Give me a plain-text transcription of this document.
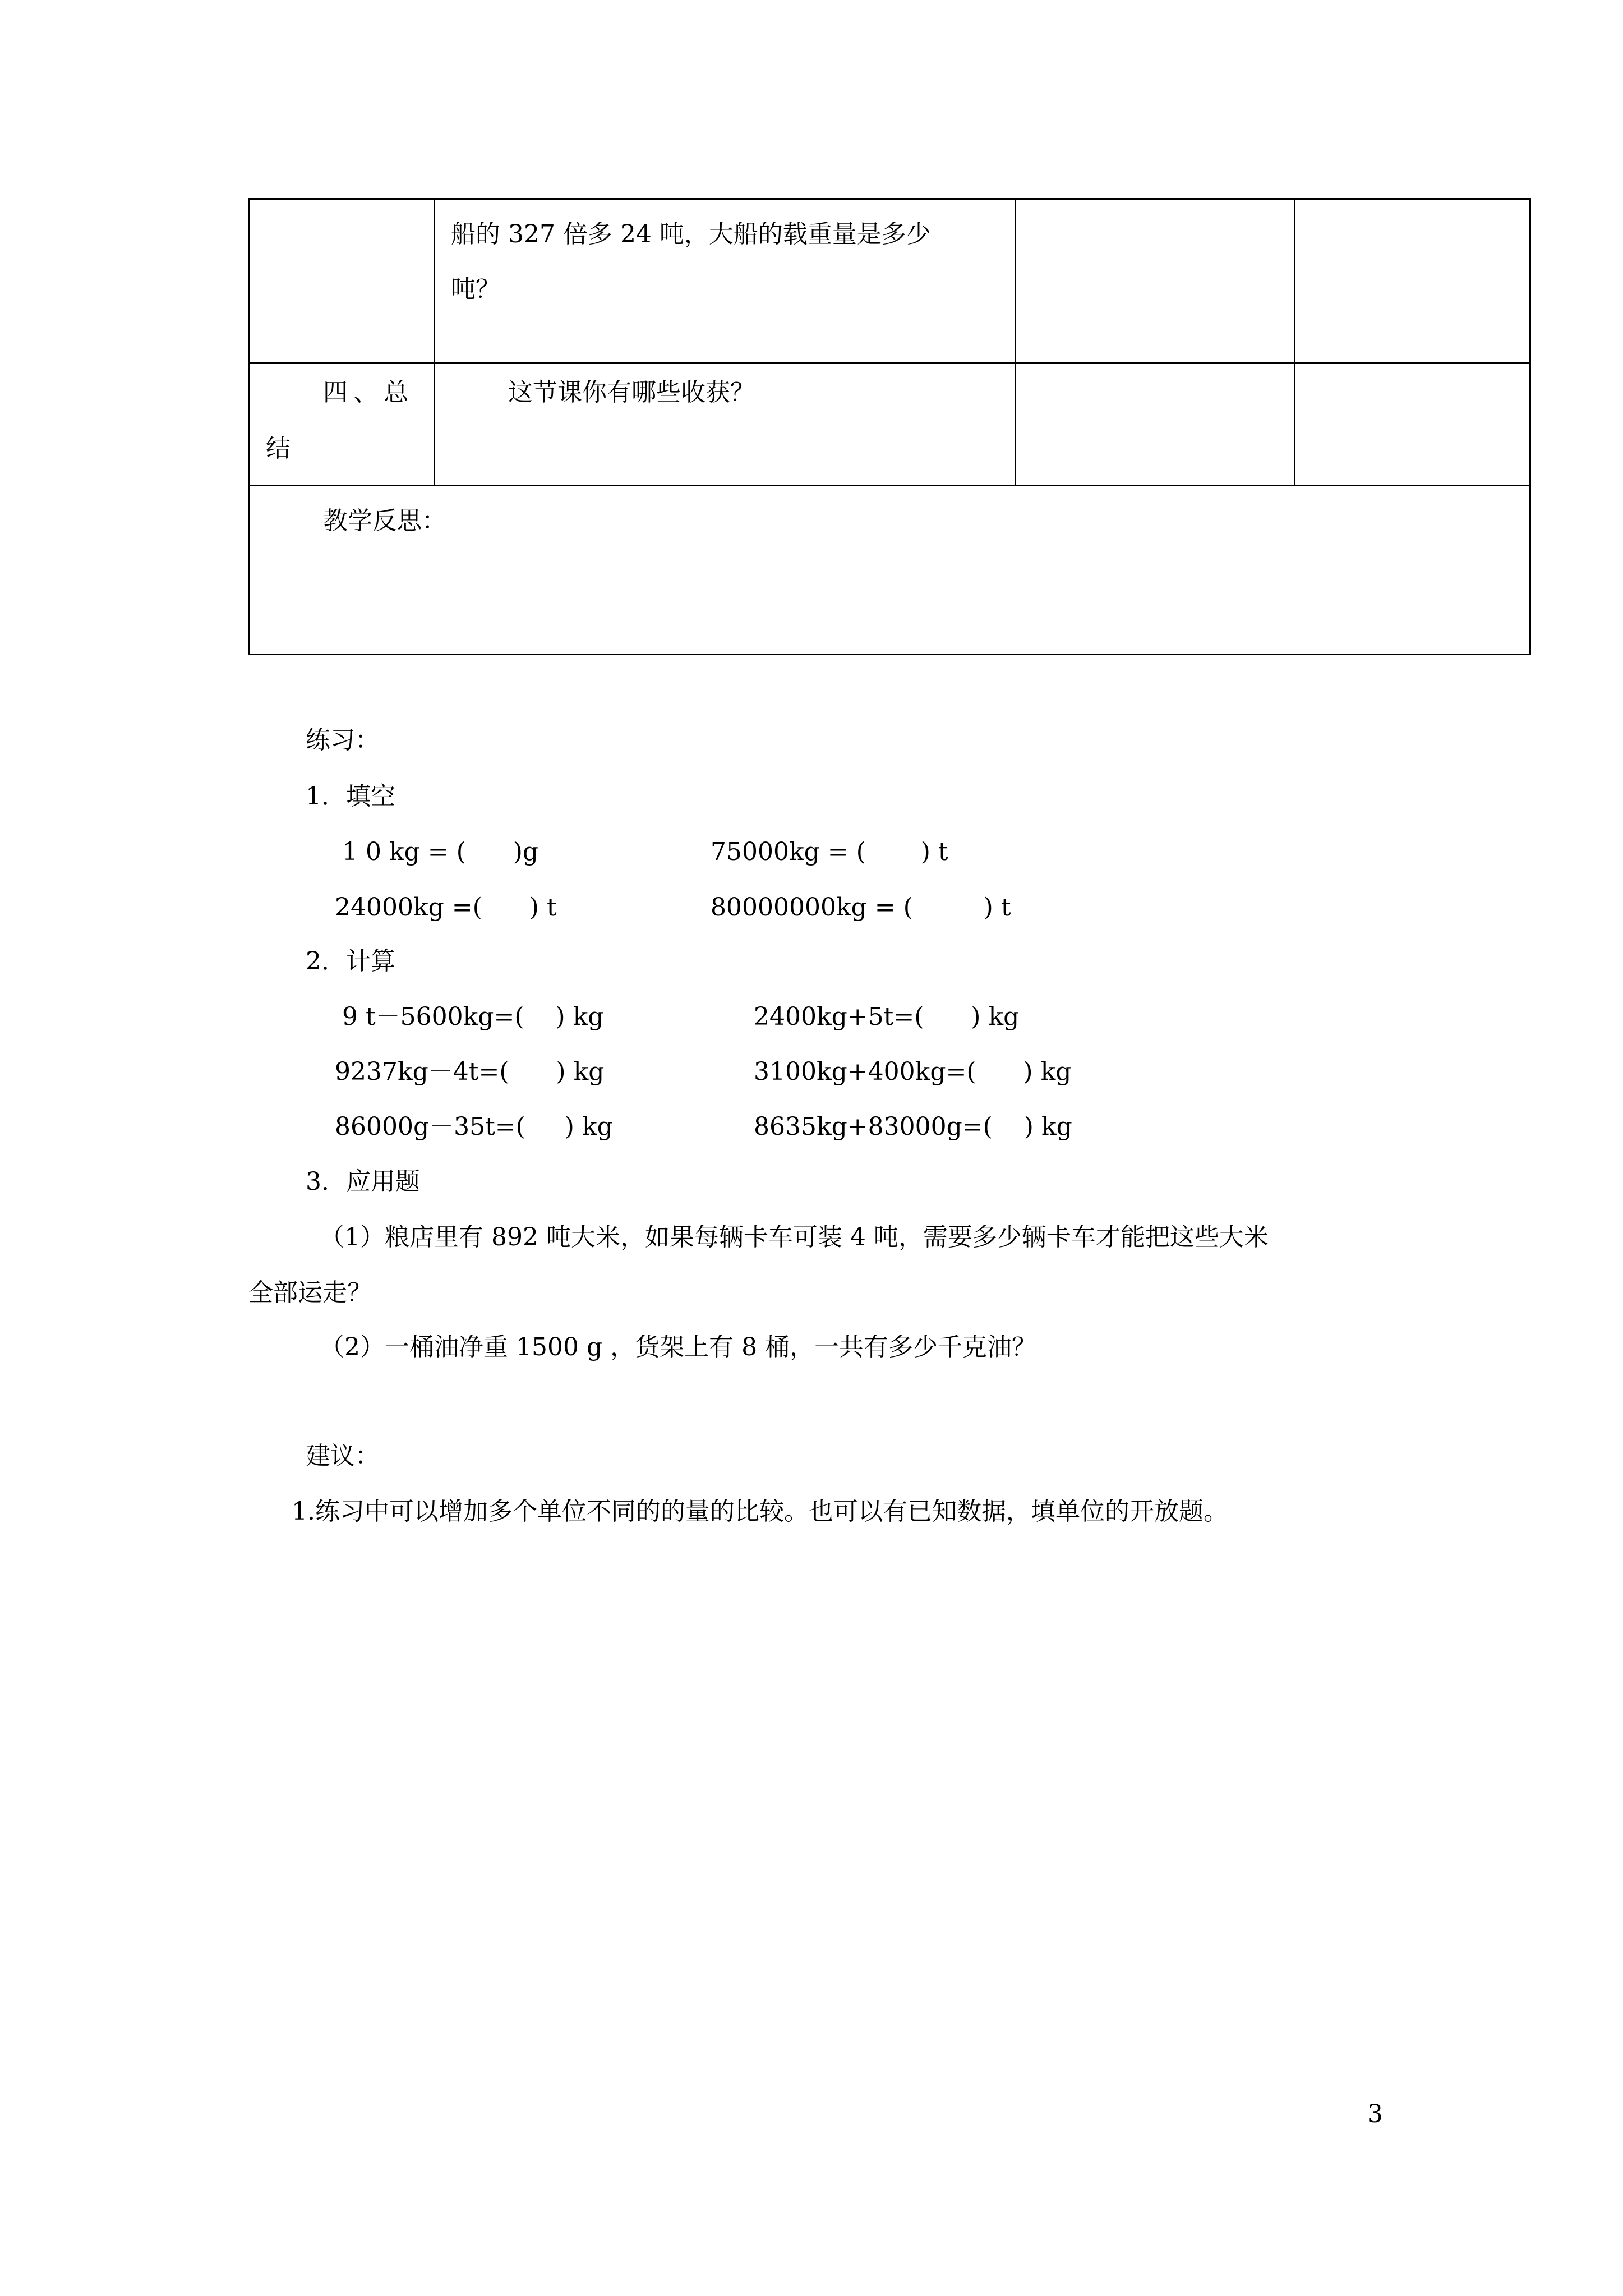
	船的 327 倍多 24 吨，大船的载重量是多少
吨？		

四、总
结	这节课你有哪些收获？		

教学反思：			
练习：
1．填空
1 0 kg = (      )g	75000kg = (       ) t
24000kg =(      ) t	80000000kg = (         ) t
2．计算
9 t－5600kg=(    ) kg	2400kg+5t=(      ) kg
9237kg－4t=(      ) kg	3100kg+400kg=(      ) kg
86000g－35t=(     ) kg	8635kg+83000g=(    ) kg
3．应用题
（1）粮店里有 892 吨大米，如果每辆卡车可装 4 吨，需要多少辆卡车才能把这些大米
全部运走？
（2）一桶油净重 1500 g ，货架上有 8 桶，一共有多少千克油？
建议：
1.练习中可以增加多个单位不同的的量的比较。也可以有已知数据，填单位的开放题。
3
